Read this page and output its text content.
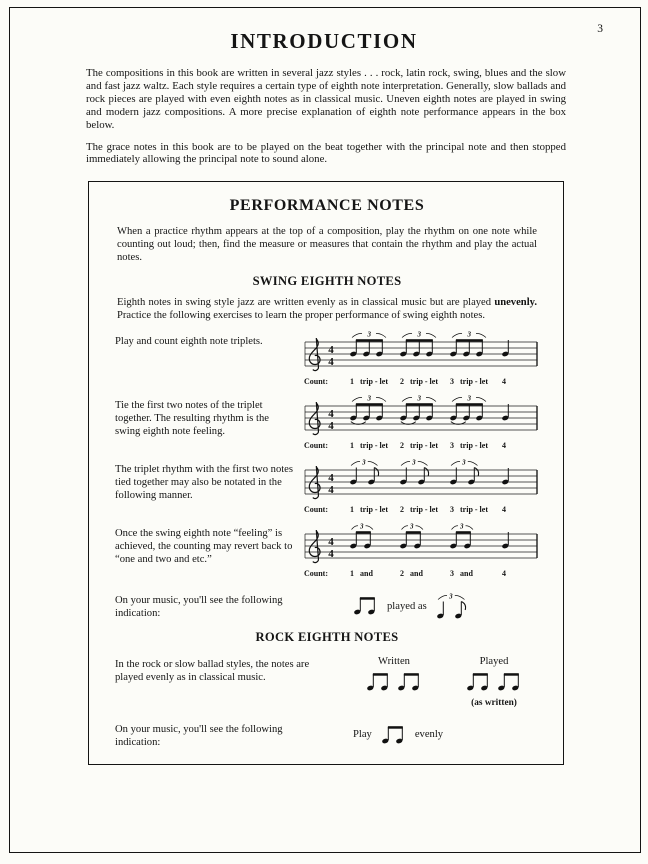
3
INTRODUCTION

The compositions in this book are written in several jazz styles . . . rock, latin rock, swing, blues and the slow and fast jazz waltz. Each style requires a certain type of eighth note interpretation. Generally, slow ballads and rock pieces are played with even eighth notes as in classical music. Uneven eighth notes are played in swing and modern jazz compositions. A more precise explanation of eighth note performance appears in the box below.

The grace notes in this book are to be played on the beat together with the principal note and then stopped immediately allowing the principal note to sound alone.

PERFORMANCE NOTES

When a practice rhythm appears at the top of a composition, play the rhythm on one note while counting out loud; then, find the measure or measures that contain the rhythm and play the actual notes.

SWING EIGHTH NOTES

Eighth notes in swing style jazz are written evenly as in classical music but are played unevenly. Practice the following exercises to learn the proper performance of swing eighth notes.

Play and count eighth note triplets.
4
4
Count:	1 trip - let 2 trip - let 3 trip - let 4
Tie the first two notes of the triplet together. The resulting rhythm is the swing eighth note feeling.
4
4
Count:	1 trip - let 2 trip - let 3 trip - let 4
The triplet rhythm with the first two notes tied together may also be notated in the following manner.
4
4
Count:	1 trip - let 2 trip - let 3 trip - let 4
Once the swing eighth note “feeling” is achieved, the counting may revert back to “one and two and etc.”
4
4
Count:	1 and	2 and	3 and	4
On your music, you'll see the following indication:
played as
ROCK EIGHTH NOTES
In the rock or slow ballad styles, the notes are played evenly as in classical music.
Written	Played
(as written)
On your music, you'll see the following indication:
Play	evenly
